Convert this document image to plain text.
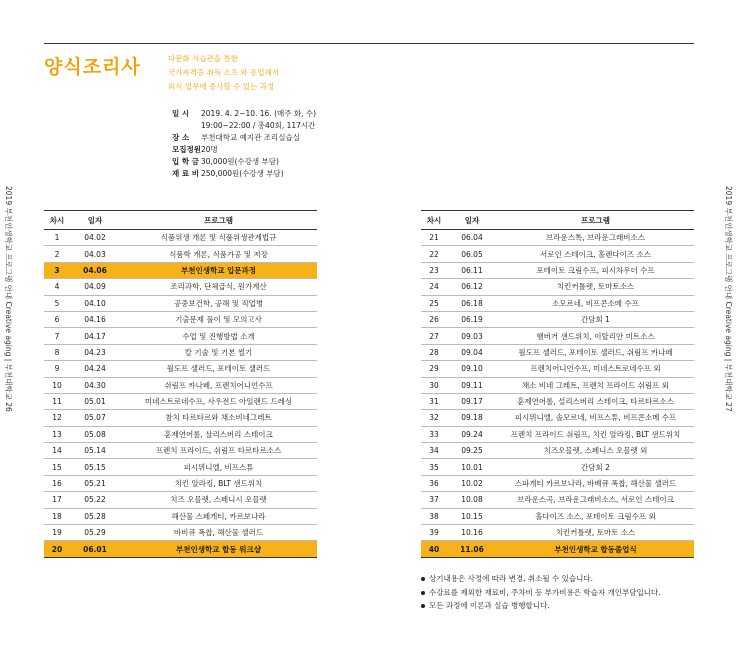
양식조리사	다문화 식습관을 통한
국가자격증 취득 소프 와 동업해서
외식 업무에 종사할 수 있는 과정
일 시	2019. 4. 2~10. 16. (매주 화, 수)
19:00~22:00 / 총40회, 117시간
장 소	부천대학교 예지관 조리실습실
모집정원 20명
입 학 금 30,000원(수강생 부담)
재 료 비 250,000원(수강생 부담)
2019 부천인생학교 프로그램 안내 Creative aging | 부천대학교 26
2019 부천인생학교 프로그램 안내 Creative aging | 부천대학교 27
차시	일자	프로그램
1	04.02	식품위생 개론 및 식품위생관계법규
2	04.03	식품학 개론, 식품가공 및 저장
3	04.06	부천인생학교 입문과정
4	04.09	조리과학, 단체급식, 원가계산
5	04.10	공중보건학, 공해 및 직업병
6	04.16	기출문제 풀이 및 모의고사
7	04.17	수업 및 진행방법 소개
8	04.23	칼 기술 및 기본 썰기
9	04.24	월도프 샐러드, 포테이토 샐러드
10	04.30	쉬림프 카나페, 프렌치어니언수프
11	05.01	미네스트로네수프, 사우전드 아일랜드 드레싱
12	05.07	참치 타르타르와 채소비네그레트
13	05.08	훈제연어롤, 살리스버리 스테이크
14	05.14	프렌치 프라이드, 쉬림프 타르타르소스
15	05.15	피시뮈니엘, 비프스튜
16	05.21	치킨 알라킹, BLT 샌드위치
17	05.22	치즈 오믈렛, 스페니시 오믈렛
18	05.28	해산물 스페게티, 카르보나라
19	05.29	바비큐 폭찹, 해산물 샐러드
20	06.01	부천인생학교 합동 워크샵
차시	일자	프로그램
21	06.04	브라운스톡, 브라운그래비소스
22	06.05	서로인 스테이크, 홀렌다이즈 소스
23	06.11	포테이토 크림수프, 피시차우더 수프
24	06.12	치킨커틀렛, 토마토소스
25	06.18	소모르네, 비프콘소메 수프
26	06.19	간담회 1
27	09.03	햄버거 샌드위치, 이탈리안 미트소스
28	09.04	월도프 샐러드, 포테이토 샐러드, 쉬림프 카나페
29	09.10	프렌치어니언수프, 미네스트로네수프 외
30	09.11	채소 비네 그레트, 프렌치 프라이드 쉬림프 외
31	09.17	훈제연어롤, 설리스버리 스테이크, 타르타르소스
32	09.18	피시뮈니엘, 솔모르네, 비프스튜, 비프콘소메 수프
33	09.24	프렌치 프라이드 쉬림프, 치킨 알라킹, BLT 샌드위치
34	09.25	치즈오믈렛, 스페니스 오믈렛 외
35	10.01	간담회 2
36	10.02	스파게티 카르보나라, 바베큐 폭찹, 해산물 샐러드
37	10.08	브라운스곡, 브라운그래비소스, 서로인 스테이크
38	10.15	홀다이즈 소스, 포테이토 크림수프 외
39	10.16	치킨커틀렛, 토마토 소스
40	11.06	부천인생학교 합동졸업식
상기내용은 사정에 따라 변경, 취소될 수 있습니다.
수강료를 제외한 재료비, 주차비 등 부가비용은 학습자 개인부담입니다.
모든 과정에 이론과 실습 병행합니다.
